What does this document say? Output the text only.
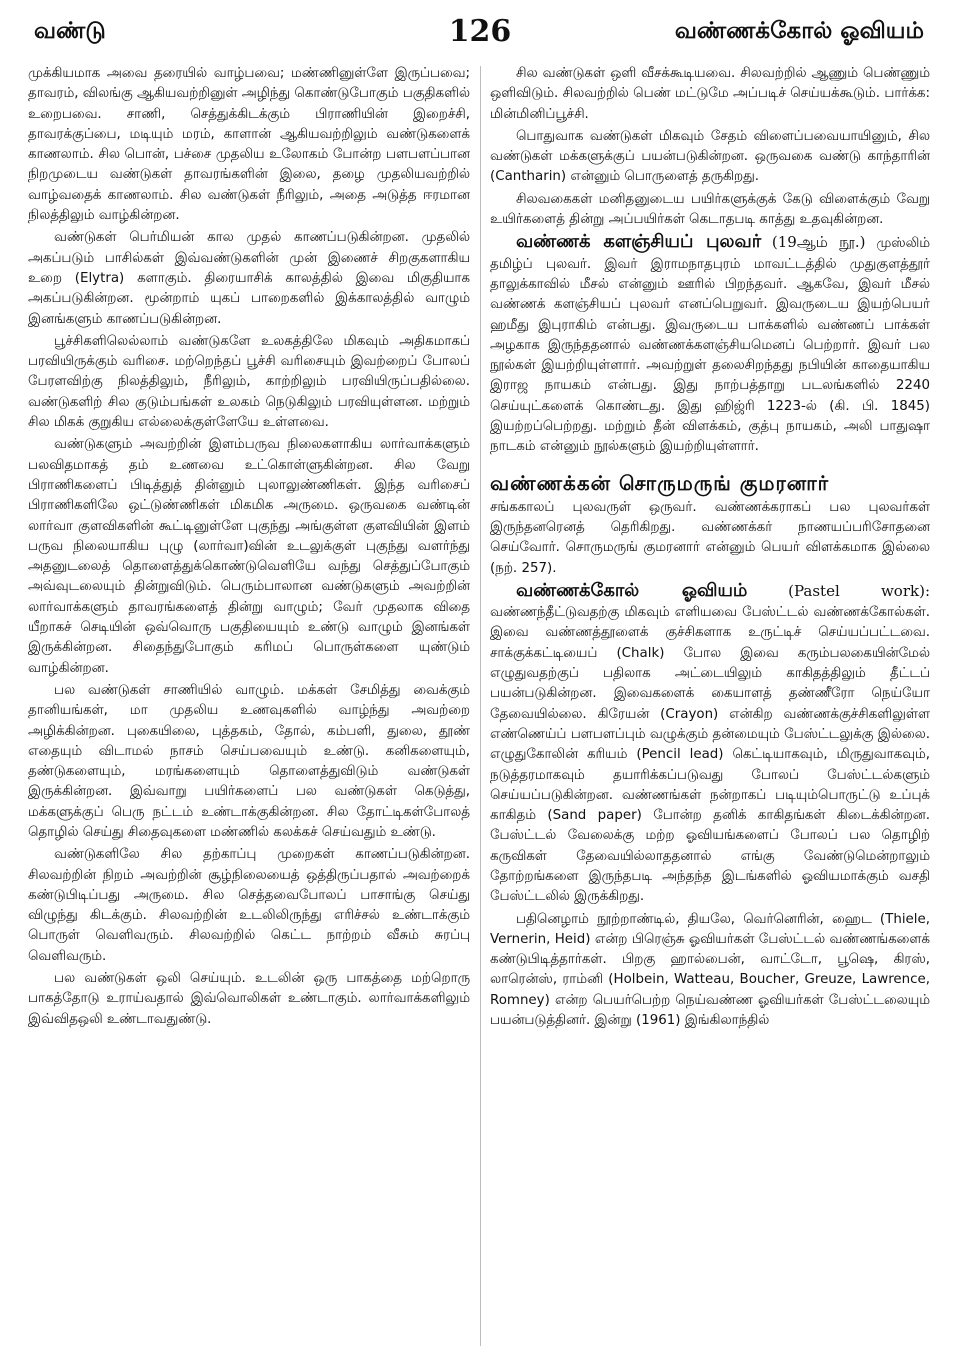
வண்டு	126	வண்ணக்கோல் ஓவியம்

முக்கியமாக அவை தரையில் வாழ்பவை; மண்ணினுள்ளே இருப்பவை; தாவரம், விலங்கு ஆகியவற்றினுள் அழிந்து கொண்டுபோகும் பகுதிகளில் உறைபவை. சாணி, செத்துக்கிடக்கும் பிராணியின் இறைச்சி, தாவரக்குப்பை, மடியும் மரம், காளான் ஆகியவற்றிலும் வண்டுகளைக் காணலாம். சில பொன், பச்சை முதலிய உலோகம் போன்ற பளபளப்பான நிறமுடைய வண்டுகள் தாவரங்களின் இலை, தழை முதலியவற்றில் வாழ்வதைக் காணலாம். சில வண்டுகள் நீரிலும், அதை அடுத்த ஈரமான நிலத்திலும் வாழ்கின்றன.

வண்டுகள் பெர்மியன் கால முதல் காணப்படுகின்றன. முதலில் அகப்படும் பாசில்கள் இவ்வண்டுகளின் முன் இணைச் சிறகுகளாகிய உறை (Elytra) களாகும். திரையாசிக் காலத்தில் இவை மிகுதியாக அகப்படுகின்றன. மூன்றாம் யுகப் பாறைகளில் இக்காலத்தில் வாழும் இனங்களும் காணப்படுகின்றன.

பூச்சிகளிலெல்லாம் வண்டுகளே உலகத்திலே மிகவும் அதிகமாகப் பரவியிருக்கும் வரிசை. மற்றெந்தப் பூச்சி வரிசையும் இவற்றைப் போலப் பேரளவிற்கு நிலத்திலும், நீரிலும், காற்றிலும் பரவியிருப்பதில்லை. வண்டுகளிற் சில குடும்பங்கள் உலகம் நெடுகிலும் பரவியுள்ளன. மற்றும் சில மிகக் குறுகிய எல்லைக்குள்ளேயே உள்ளவை.

வண்டுகளும் அவற்றின் இளம்பருவ நிலைகளாகிய லார்வாக்களும் பலவிதமாகத் தம் உணவை உட்கொள்ளுகின்றன. சில வேறு பிராணிகளைப் பிடித்துத் தின்னும் புலாலுண்ணிகள். இந்த வரிசைப் பிராணிகளிலே ஒட்டுண்ணிகள் மிகமிக அருமை. ஒருவகை வண்டின் லார்வா குளவிகளின் கூட்டினுள்ளே புகுந்து அங்குள்ள குளவியின் இளம் பருவ நிலையாகிய புழு (லார்வா)வின் உடலுக்குள் புகுந்து வளர்ந்து அதனுடலைத் தொளைத்துக்கொண்டுவெளியே வந்து செத்துப்போகும் அவ்வுடலையும் தின்றுவிடும். பெரும்பாலான வண்டுகளும் அவற்றின் லார்வாக்களும் தாவரங்களைத் தின்று வாழும்; வேர் முதலாக விதை யீறாகச் செடியின் ஒவ்வொரு பகுதியையும் உண்டு வாழும் இனங்கள் இருக்கின்றன. சிதைந்துபோகும் கரிமப் பொருள்களை யுண்டும் வாழ்கின்றன.

பல வண்டுகள் சாணியில் வாழும். மக்கள் சேமித்து வைக்கும் தானியங்கள், மா முதலிய உணவுகளில் வாழ்ந்து அவற்றை அழிக்கின்றன. புகையிலை, புத்தகம், தோல், கம்பளி, துலை, தூண் எதையும் விடாமல் நாசம் செய்பவையும் உண்டு. கனிகளையும், தண்டுகளையும், மரங்களையும் தொளைத்துவிடும் வண்டுகள் இருக்கின்றன. இவ்வாறு பயிர்களைப் பல வண்டுகள் கெடுத்து, மக்களுக்குப் பெரு நட்டம் உண்டாக்குகின்றன. சில தோட்டிகள்போலத் தொழில் செய்து சிதைவுகளை மண்ணில் கலக்கச் செய்வதும் உண்டு.

வண்டுகளிலே சில தற்காப்பு முறைகள் காணப்படுகின்றன. சிலவற்றின் நிறம் அவற்றின் சூழ்நிலையைத் ஒத்திருப்பதால் அவற்றைக் கண்டுபிடிப்பது அருமை. சில செத்தவைபோலப் பாசாங்கு செய்து விழுந்து கிடக்கும். சிலவற்றின் உடலிலிருந்து எரிச்சல் உண்டாக்கும் பொருள் வெளிவரும். சிலவற்றில் கெட்ட நாற்றம் வீசும் சுரப்பு வெளிவரும்.

பல வண்டுகள் ஒலி செய்யும். உடலின் ஒரு பாகத்தை மற்றொரு பாகத்தோடு உராய்வதால் இவ்வொலிகள் உண்டாகும். லார்வாக்களிலும் இவ்விதஒலி உண்டாவதுண்டு.

சில வண்டுகள் ஒளி வீசக்கூடியவை. சிலவற்றில் ஆணும் பெண்ணும் ஒளிவிடும். சிலவற்றில் பெண் மட்டுமே அப்படிச் செய்யக்கூடும். பார்க்க: மின்மினிப்பூச்சி.

பொதுவாக வண்டுகள் மிகவும் சேதம் விளைப்பவையாயினும், சில வண்டுகள் மக்களுக்குப் பயன்படுகின்றன. ஒருவகை வண்டு காந்தாரின் (Cantharin) என்னும் பொருளைத் தருகிறது.

சிலவகைகள் மனிதனுடைய பயிர்களுக்குக் கேடு விளைக்கும் வேறு உயிர்களைத் தின்று அப்பயிர்கள் கெடாதபடி காத்து உதவுகின்றன.

வண்ணக் களஞ்சியப் புலவர் (19ஆம் நூ.) முஸ்லிம் தமிழ்ப் புலவர். இவர் இராமநாதபுரம் மாவட்டத்தில் முதுகுளத்தூர் தாலுக்காவில் மீசல் என்னும் ஊரில் பிறந்தவர். ஆகவே, இவர் மீசல் வண்ணக் களஞ்சியப் புலவர் எனப்பெறுவர். இவருடைய இயற்பெயர் ஹமீது இபுராகிம் என்பது. இவருடைய பாக்களில் வண்ணப் பாக்கள் அழகாக இருந்ததனால் வண்ணக்களஞ்சியமெனப் பெற்றார். இவர் பல நூல்கள் இயற்றியுள்ளார். அவற்றுள் தலைசிறந்தது நபியின் காதையாகிய இராஜ நாயகம் என்பது. இது நாற்பத்தாறு படலங்களில் 2240 செய்யுட்களைக் கொண்டது. இது ஹிஜ்ரி 1223-ல் (கி. பி. 1845) இயற்றப்பெற்றது. மற்றும் தீன் விளக்கம், குத்பு நாயகம், அலி பாதுஷா நாடகம் என்னும் நூல்களும் இயற்றியுள்ளார்.

வண்ணக்கன் சொருமருங் குமரனார்

சங்ககாலப் புலவருள் ஒருவர். வண்ணக்கராகப் பல புலவர்கள் இருந்தனரெனத் தெரிகிறது. வண்ணக்கர் நாணயப்பரிசோதனை செய்வோர். சொருமருங் குமரனார் என்னும் பெயர் விளக்கமாக இல்லை (நற். 257).

வண்ணக்கோல் ஓவியம்	(Pastel work): வண்ணந்தீட்டுவதற்கு மிகவும் எளியவை பேஸ்ட்டல் வண்ணக்கோல்கள். இவை வண்ணத்தூளைக் குச்சிகளாக உருட்டிச் செய்யப்பட்டவை. சாக்குக்கட்டியைப் (Chalk) போல இவை கரும்பலகையின்மேல் எழுதுவதற்குப் பதிலாக அட்டையிலும் காகிதத்திலும் தீட்டப் பயன்படுகின்றன. இவைகளைக் கையாளத் தண்ணீரோ நெய்யோ தேவையில்லை. கிரேயன் (Crayon) என்கிற வண்ணக்குச்சிகளிலுள்ள எண்ணெய்ப் பளபளப்பும் வழுக்கும் தன்மையும் பேஸ்ட்டலுக்கு இல்லை. எழுதுகோலின் கரியம் (Pencil lead) கெட்டியாகவும், மிருதுவாகவும், நடுத்தரமாகவும் தயாரிக்கப்படுவது போலப் பேஸ்ட்டல்களும் செய்யப்படுகின்றன. வண்ணங்கள் நன்றாகப் படியும்பொருட்டு உப்புக் காகிதம் (Sand paper) போன்ற தனிக் காகிதங்கள் கிடைக்கின்றன. பேஸ்ட்டல் வேலைக்கு மற்ற ஓவியங்களைப் போலப் பல தொழிற் கருவிகள் தேவையில்லாததனால் எங்கு வேண்டுமென்றாலும் தோற்றங்களை இருந்தபடி அந்தந்த இடங்களில் ஓவியமாக்கும் வசதி பேஸ்ட்டலில் இருக்கிறது.

பதினெழாம் நூற்றாண்டில், தியலே, வெர்னெரின், ஹைட (Thiele, Vernerin, Heid) என்ற பிரெஞ்சு ஓவியர்கள் பேஸ்ட்டல் வண்ணங்களைக் கண்டுபிடித்தார்கள். பிறகு ஹால்பைன், வாட்டோ, பூஷெ, கிரஸ், லாரென்ஸ், ராம்னி (Holbein, Watteau, Boucher, Greuze, Lawrence, Romney) என்ற பெயர்பெற்ற நெய்வண்ண ஓவியர்கள் பேஸ்ட்டலையும் பயன்படுத்தினர். இன்று (1961) இங்கிலாந்தில்
